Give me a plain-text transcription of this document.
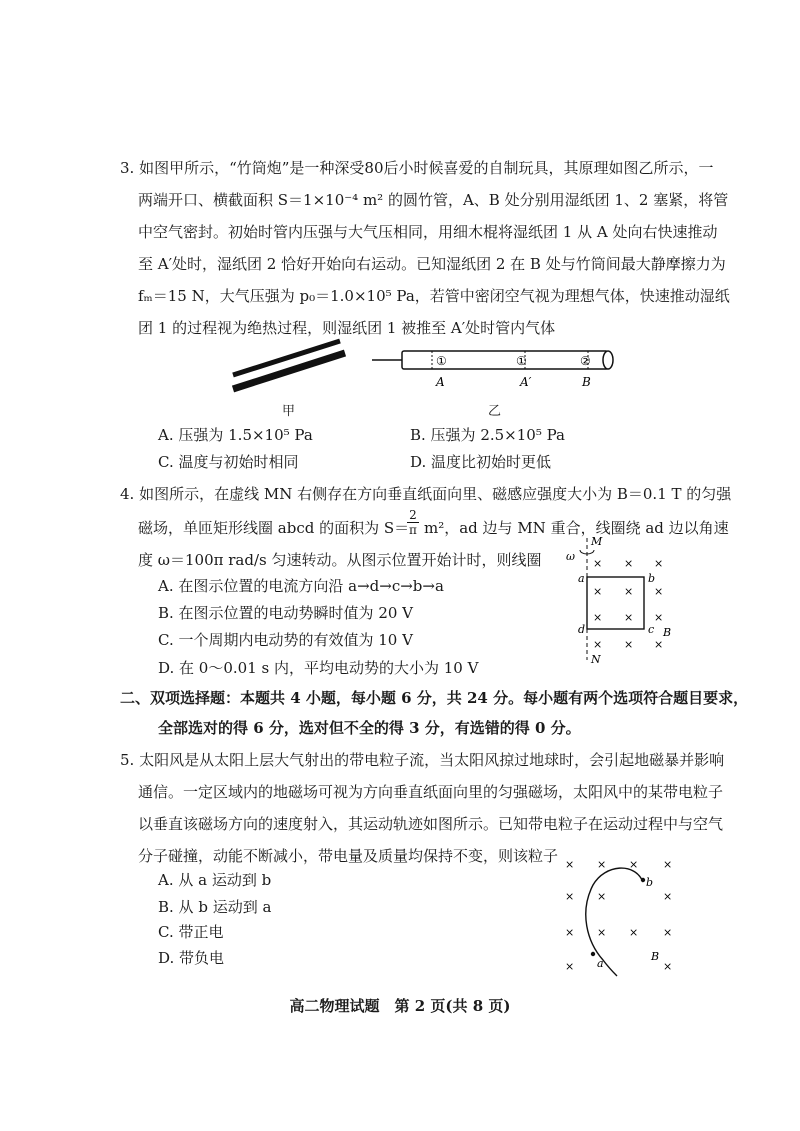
3. 如图甲所示，“竹筒炮”是一种深受80后小时候喜爱的自制玩具，其原理如图乙所示，一
两端开口、横截面积 S＝1×10⁻⁴ m² 的圆竹管，A、B 处分别用湿纸团 1、2 塞紧，将管
中空气密封。初始时管内压强与大气压相同，用细木棍将湿纸团 1 从 A 处向右快速推动
至 A′处时，湿纸团 2 恰好开始向右运动。已知湿纸团 2 在 B 处与竹筒间最大静摩擦力为
fₘ＝15 N，大气压强为 p₀＝1.0×10⁵ Pa，若管中密闭空气视为理想气体，快速推动湿纸
团 1 的过程视为绝热过程，则湿纸团 1 被推至 A′处时管内气体
甲
①	①	②
A	A′	B
乙
A. 压强为 1.5×10⁵ Pa	B. 压强为 2.5×10⁵ Pa
C. 温度与初始时相同	D. 温度比初始时更低
4. 如图所示，在虚线 MN 右侧存在方向垂直纸面向里、磁感应强度大小为 B＝0.1 T 的匀强
磁场，单匝矩形线圈 abcd 的面积为 S＝
$\frac{2}{\pi} m^2$，ad 边与 MN 重合，线圈绕 ad 边以角速
度 ω＝100π rad/s 匀速转动。从图示位置开始计时，则线圈
A. 在图示位置的电流方向沿 a→d→c→b→a
B. 在图示位置的电动势瞬时值为 20 V
C. 一个周期内电动势的有效值为 10 V
D. 在 0～0.01 s 内，平均电动势的大小为 10 V
M
N
ω
a	b
c
d	B
× × ×
× × ×
× × ×
× × ×
二、双项选择题：本题共 4 小题，每小题 6 分，共 24 分。每小题有两个选项符合题目要求，
全部选对的得 6 分，选对但不全的得 3 分，有选错的得 0 分。
5. 太阳风是从太阳上层大气射出的带电粒子流，当太阳风掠过地球时，会引起地磁暴并影响
通信。一定区域内的地磁场可视为方向垂直纸面向里的匀强磁场，太阳风中的某带电粒子
以垂直该磁场方向的速度射入，其运动轨迹如图所示。已知带电粒子在运动过程中与空气
分子碰撞，动能不断减小，带电量及质量均保持不变，则该粒子
A. 从 a 运动到 b
B. 从 b 运动到 a
C. 带正电
D. 带负电
× × × ×
× ×	×
× × × ×
×	×
b
a
B
高二物理试题　第 2 页(共 8 页)
